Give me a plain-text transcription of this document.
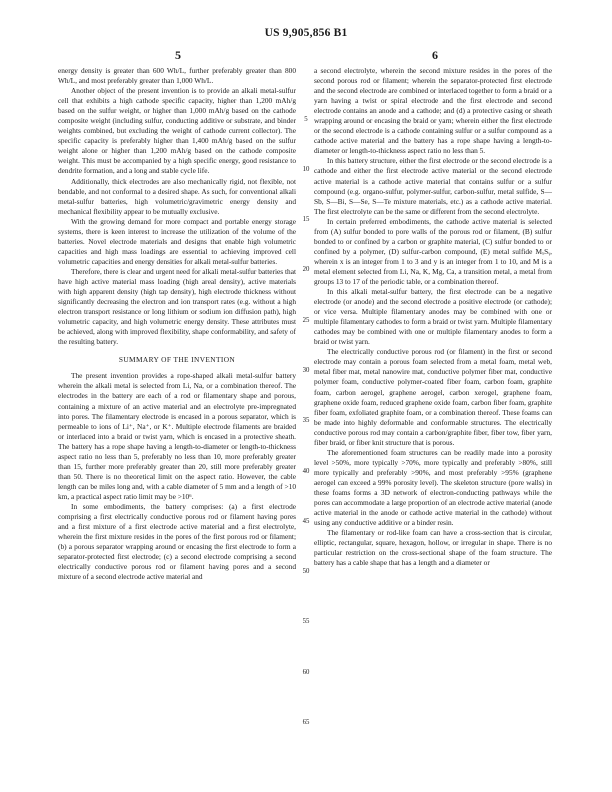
US 9,905,856 B1
5	6

energy density is greater than 600 Wh/L, further preferably greater than 800 Wh/L, and most preferably greater than 1,000 Wh/L.

Another object of the present invention is to provide an alkali metal-sulfur cell that exhibits a high cathode specific capacity, higher than 1,200 mAh/g based on the sulfur weight, or higher than 1,000 mAh/g based on the cathode composite weight (including sulfur, conducting additive or substrate, and binder weights combined, but excluding the weight of cathode current collector). The specific capacity is preferably higher than 1,400 mAh/g based on the sulfur weight alone or higher than 1,200 mAh/g based on the cathode composite weight. This must be accompanied by a high specific energy, good resistance to dendrite formation, and a long and stable cycle life.

Additionally, thick electrodes are also mechanically rigid, not flexible, not bendable, and not conformal to a desired shape. As such, for conventional alkali metal-sulfur batteries, high volumetric/gravimetric energy density and mechanical flexibility appear to be mutually exclusive.

With the growing demand for more compact and portable energy storage systems, there is keen interest to increase the utilization of the volume of the batteries. Novel electrode materials and designs that enable high volumetric capacities and high mass loadings are essential to achieving improved cell volumetric capacities and energy densities for alkali metal-sulfur batteries.

Therefore, there is clear and urgent need for alkali metal-sulfur batteries that have high active material mass loading (high areal density), active materials with high apparent density (high tap density), high electrode thickness without significantly decreasing the electron and ion transport rates (e.g. without a high electron transport resistance or long lithium or sodium ion diffusion path), high volumetric capacity, and high volumetric energy density. These attributes must be achieved, along with improved flexibility, shape conformability, and safety of the resulting battery.

SUMMARY OF THE INVENTION

The present invention provides a rope-shaped alkali metal-sulfur battery wherein the alkali metal is selected from Li, Na, or a combination thereof. The electrodes in the battery are each of a rod or filamentary shape and porous, containing a mixture of an active material and an electrolyte pre-impregnated into pores. The filamentary electrode is encased in a porous separator, which is permeable to ions of Li⁺, Na⁺, or K⁺. Multiple electrode filaments are braided or interlaced into a braid or twist yarn, which is encased in a protective sheath. The battery has a rope shape having a length-to-diameter or length-to-thickness aspect ratio no less than 5, preferably no less than 10, more preferably greater than 15, further more preferably greater than 20, still more preferably greater than 50. There is no theoretical limit on the aspect ratio. However, the cable length can be miles long and, with a cable diameter of 5 mm and a length of >10 km, a practical aspect ratio limit may be >10⁶.

In some embodiments, the battery comprises: (a) a first electrode comprising a first electrically conductive porous rod or filament having pores and a first mixture of a first electrode active material and a first electrolyte, wherein the first mixture resides in the pores of the first porous rod or filament; (b) a porous separator wrapping around or encasing the first electrode to form a separator-protected first electrode; (c) a second electrode comprising a second electrically conductive porous rod or filament having pores and a second mixture of a second electrode active material and

5
10
15
20
25
30
35
40
45
50
55
60
65

a second electrolyte, wherein the second mixture resides in the pores of the second porous rod or filament; wherein the separator-protected first electrode and the second electrode are combined or interlaced together to form a braid or a yarn having a twist or spiral electrode and the first electrode and second electrode contains an anode and a cathode; and (d) a protective casing or sheath wrapping around or encasing the braid or yarn; wherein either the first electrode or the second electrode is a cathode containing sulfur or a sulfur compound as a cathode active material and the battery has a rope shape having a length-to-diameter or length-to-thickness aspect ratio no less than 5.

In this battery structure, either the first electrode or the second electrode is a cathode and either the first electrode active material or the second electrode active material is a cathode active material that contains sulfur or a sulfur compound (e.g. organo-sulfur, polymer-sulfur, carbon-sulfur, metal sulfide, S—Sb, S—Bi, S—Se, S—Te mixture materials, etc.) as a cathode active material. The first electrolyte can be the same or different from the second electrolyte.

In certain preferred embodiments, the cathode active material is selected from (A) sulfur bonded to pore walls of the porous rod or filament, (B) sulfur bonded to or confined by a carbon or graphite material, (C) sulfur bonded to or confined by a polymer, (D) sulfur-carbon compound, (E) metal sulfide MₓSᵧ, wherein x is an integer from 1 to 3 and y is an integer from 1 to 10, and M is a metal element selected from Li, Na, K, Mg, Ca, a transition metal, a metal from groups 13 to 17 of the periodic table, or a combination thereof.

In this alkali metal-sulfur battery, the first electrode can be a negative electrode (or anode) and the second electrode a positive electrode (or cathode); or vice versa. Multiple filamentary anodes may be combined with one or multiple filamentary cathodes to form a braid or twist yarn. Multiple filamentary cathodes may be combined with one or multiple filamentary anodes to form a braid or twist yarn.

The electrically conductive porous rod (or filament) in the first or second electrode may contain a porous foam selected from a metal foam, metal web, metal fiber mat, metal nanowire mat, conductive polymer fiber mat, conductive polymer foam, conductive polymer-coated fiber foam, carbon foam, graphite foam, carbon aerogel, graphene aerogel, carbon xerogel, graphene foam, graphene oxide foam, reduced graphene oxide foam, carbon fiber foam, graphite fiber foam, exfoliated graphite foam, or a combination thereof. These foams can be made into highly deformable and conformable structures. The electrically conductive porous rod may contain a carbon/graphite fiber, fiber tow, fiber yarn, fiber braid, or fiber knit structure that is porous.

The aforementioned foam structures can be readily made into a porosity level >50%, more typically >70%, more typically and preferably >80%, still more typically and preferably >90%, and most preferably >95% (graphene aerogel can exceed a 99% porosity level). The skeleton structure (pore walls) in these foams forms a 3D network of electron-conducting pathways while the pores can accommodate a large proportion of an electrode active material (anode active material in the anode or cathode active material in the cathode) without using any conductive additive or a binder resin.

The filamentary or rod-like foam can have a cross-section that is circular, elliptic, rectangular, square, hexagon, hollow, or irregular in shape. There is no particular restriction on the cross-sectional shape of the foam structure. The battery has a cable shape that has a length and a diameter or
